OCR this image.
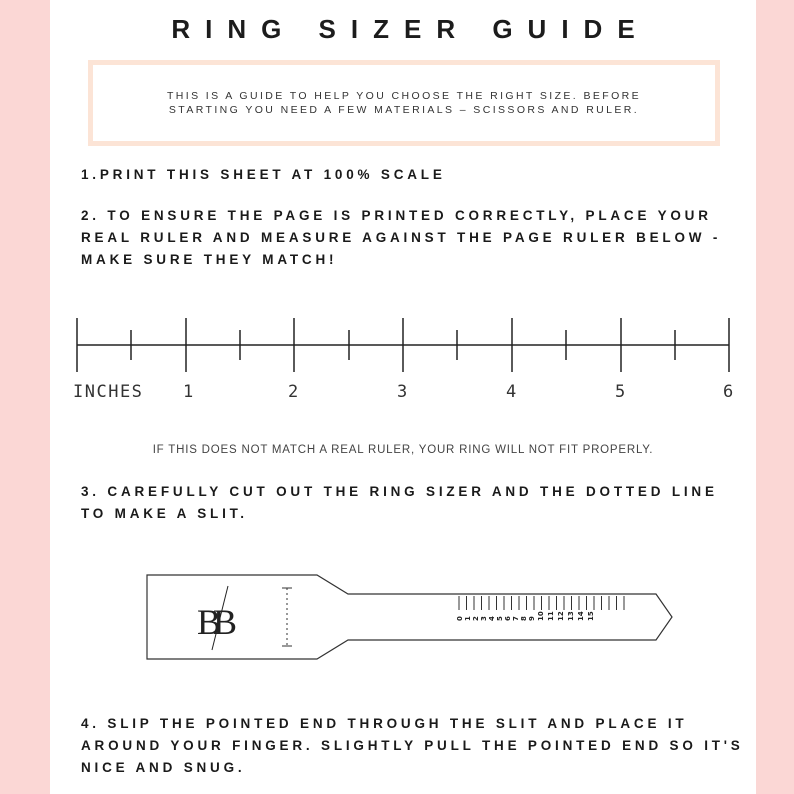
RING SIZER GUIDE
THIS IS A GUIDE TO HELP YOU CHOOSE THE RIGHT SIZE. BEFORE
STARTING YOU NEED A FEW MATERIALS – SCISSORS AND RULER.

1.PRINT THIS SHEET AT 100% SCALE

2. TO ENSURE THE PAGE IS PRINTED CORRECTLY, PLACE YOUR REAL RULER AND MEASURE AGAINST THE PAGE RULER BELOW - MAKE SURE THEY MATCH!

INCHES 1	2	3	4	5	6

IF THIS DOES NOT MATCH A REAL RULER, YOUR RING WILL NOT FIT PROPERLY.

3. CAREFULLY CUT OUT THE RING SIZER AND THE DOTTED LINE TO MAKE A SLIT.

BB	0 1 2 3 4 5 6 7 8 9 10 11 12 13 14 15

4. SLIP THE POINTED END THROUGH THE SLIT AND PLACE IT AROUND YOUR FINGER. SLIGHTLY PULL THE POINTED END SO IT'S NICE AND SNUG.
